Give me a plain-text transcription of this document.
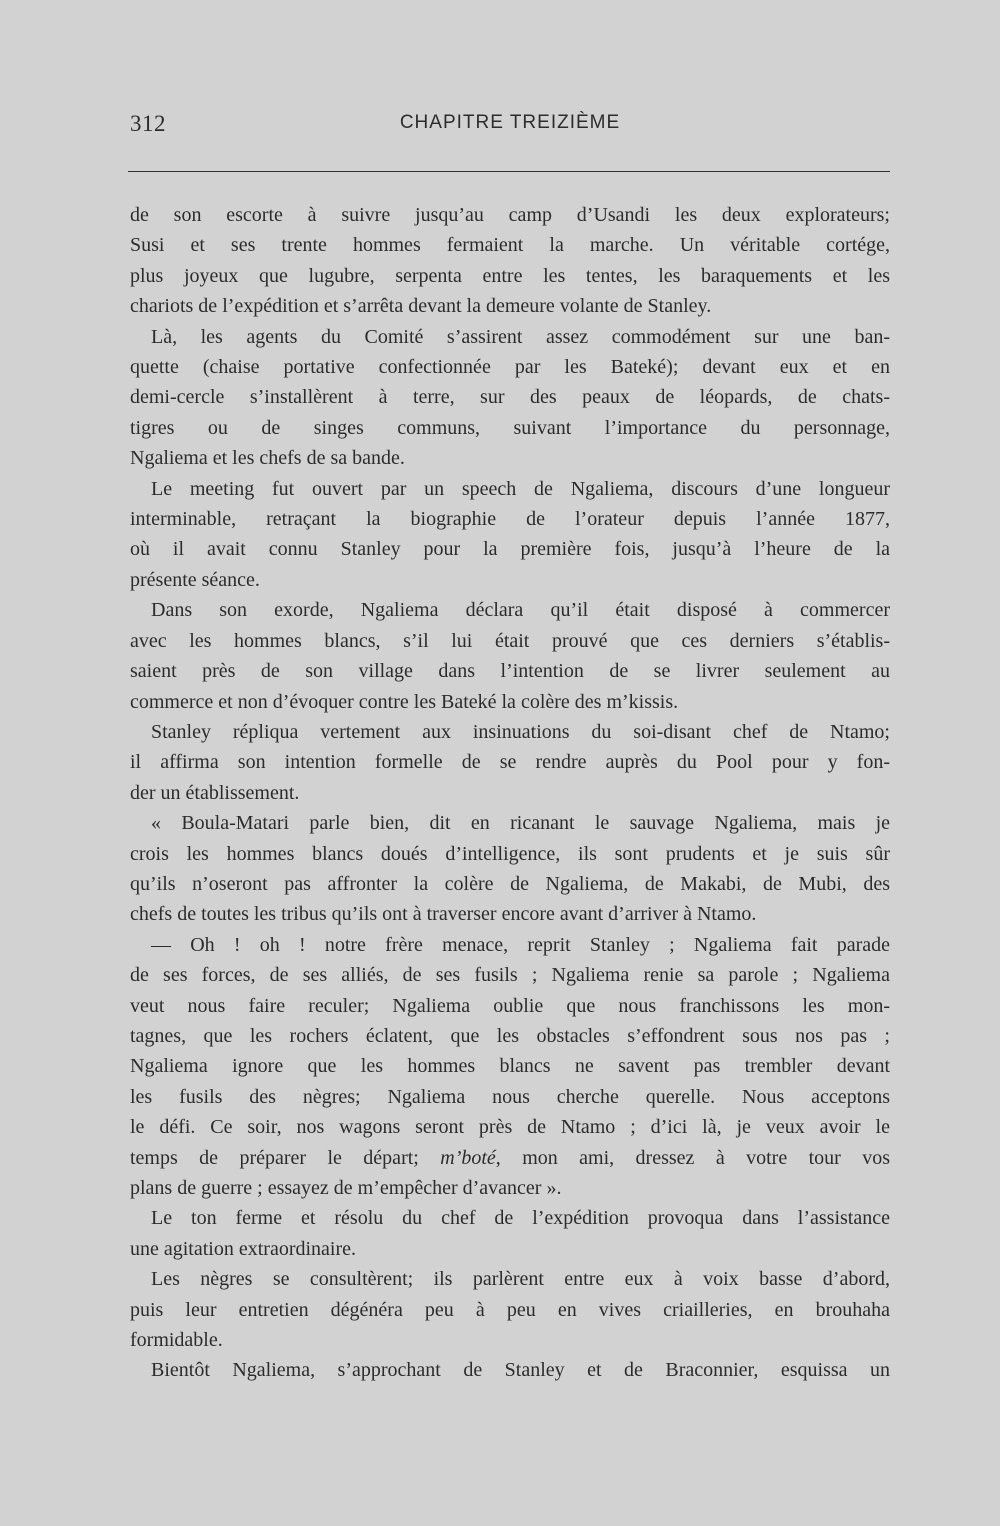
312	CHAPITRE TREIZIÈME

de son escorte à suivre jusqu’au camp d’Usandi les deux explorateurs;
Susi et ses trente hommes fermaient la marche. Un véritable cortége,
plus joyeux que lugubre, serpenta entre les tentes, les baraquements et les
chariots de l’expédition et s’arrêta devant la demeure volante de Stanley.

Là, les agents du Comité s’assirent assez commodément sur une ban-
quette (chaise portative confectionnée par les Bateké); devant eux et en
demi-cercle s’installèrent à terre, sur des peaux de léopards, de chats-
tigres ou de singes communs, suivant l’importance du personnage,
Ngaliema et les chefs de sa bande.

Le meeting fut ouvert par un speech de Ngaliema, discours d’une longueur
interminable, retraçant la biographie de l’orateur depuis l’année 1877,
où il avait connu Stanley pour la première fois, jusqu’à l’heure de la
présente séance.

Dans son exorde, Ngaliema déclara qu’il était disposé à commercer
avec les hommes blancs, s’il lui était prouvé que ces derniers s’établis-
saient près de son village dans l’intention de se livrer seulement au
commerce et non d’évoquer contre les Bateké la colère des m’kissis.

Stanley répliqua vertement aux insinuations du soi-disant chef de Ntamo;
il affirma son intention formelle de se rendre auprès du Pool pour y fon-
der un établissement.

« Boula-Matari parle bien, dit en ricanant le sauvage Ngaliema, mais je
crois les hommes blancs doués d’intelligence, ils sont prudents et je suis sûr
qu’ils n’oseront pas affronter la colère de Ngaliema, de Makabi, de Mubi, des
chefs de toutes les tribus qu’ils ont à traverser encore avant d’arriver à Ntamo.

— Oh ! oh ! notre frère menace, reprit Stanley ; Ngaliema fait parade
de ses forces, de ses alliés, de ses fusils ; Ngaliema renie sa parole ; Ngaliema
veut nous faire reculer; Ngaliema oublie que nous franchissons les mon-
tagnes, que les rochers éclatent, que les obstacles s’effondrent sous nos pas ;
Ngaliema ignore que les hommes blancs ne savent pas trembler devant
les fusils des nègres; Ngaliema nous cherche querelle. Nous acceptons
le défi. Ce soir, nos wagons seront près de Ntamo ; d’ici là, je veux avoir le
temps de préparer le départ; m’boté, mon ami, dressez à votre tour vos
plans de guerre ; essayez de m’empêcher d’avancer ».

Le ton ferme et résolu du chef de l’expédition provoqua dans l’assistance
une agitation extraordinaire.

Les nègres se consultèrent; ils parlèrent entre eux à voix basse d’abord,
puis leur entretien dégénéra peu à peu en vives criailleries, en brouhaha
formidable.

Bientôt Ngaliema, s’approchant de Stanley et de Braconnier, esquissa un
